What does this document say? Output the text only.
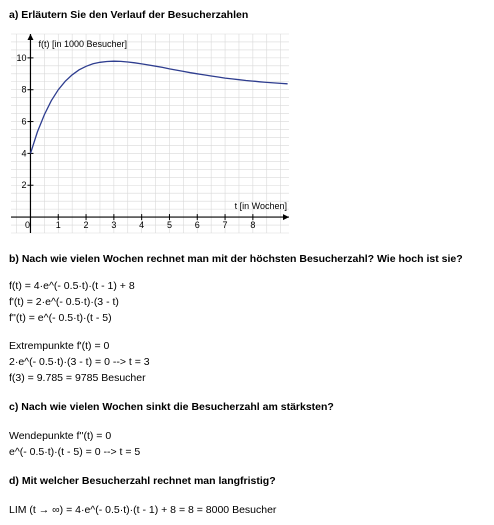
a) Erläutern Sie den Verlauf der Besucherzahlen
0	1	2	3	4	5	6	7	8
2
4
6
8
10
f(t) [in 1000 Besucher]
t [in Wochen]
b) Nach wie vielen Wochen rechnet man mit der höchsten Besucherzahl? Wie hoch ist sie?
f(t) = 4·e^(- 0.5·t)·(t - 1) + 8
f'(t) = 2·e^(- 0.5·t)·(3 - t)
f''(t) = e^(- 0.5·t)·(t - 5)
Extrempunkte f'(t) = 0
2·e^(- 0.5·t)·(3 - t) = 0 --> t = 3
f(3) = 9.785 = 9785 Besucher
c) Nach wie vielen Wochen sinkt die Besucherzahl am stärksten?
Wendepunkte f''(t) = 0
e^(- 0.5·t)·(t - 5) = 0 --> t = 5
d) Mit welcher Besucherzahl rechnet man langfristig?
LIM (t → ∞) = 4·e^(- 0.5·t)·(t - 1) + 8 = 8 = 8000 Besucher
